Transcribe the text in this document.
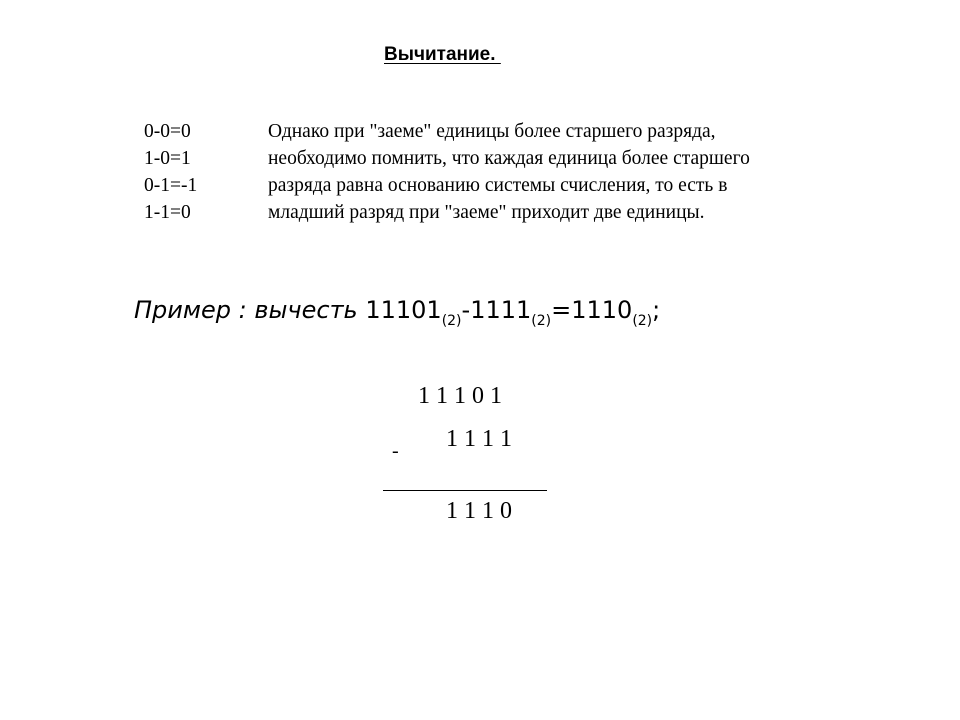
Вычитание.
0-0=0
1-0=1
0-1=-1
1-1=0
Однако при "заеме" единицы более старшего разряда,
необходимо помнить, что каждая единица более старшего
разряда равна основанию системы счисления, то есть в
младший разряд при "заеме" приходит две единицы.
Пример : вычесть $11101_{(2)}-1111_{(2)}=1110_{(2)}$;
1 1 1 0 1
1 1 1 1
-
1 1 1 0
